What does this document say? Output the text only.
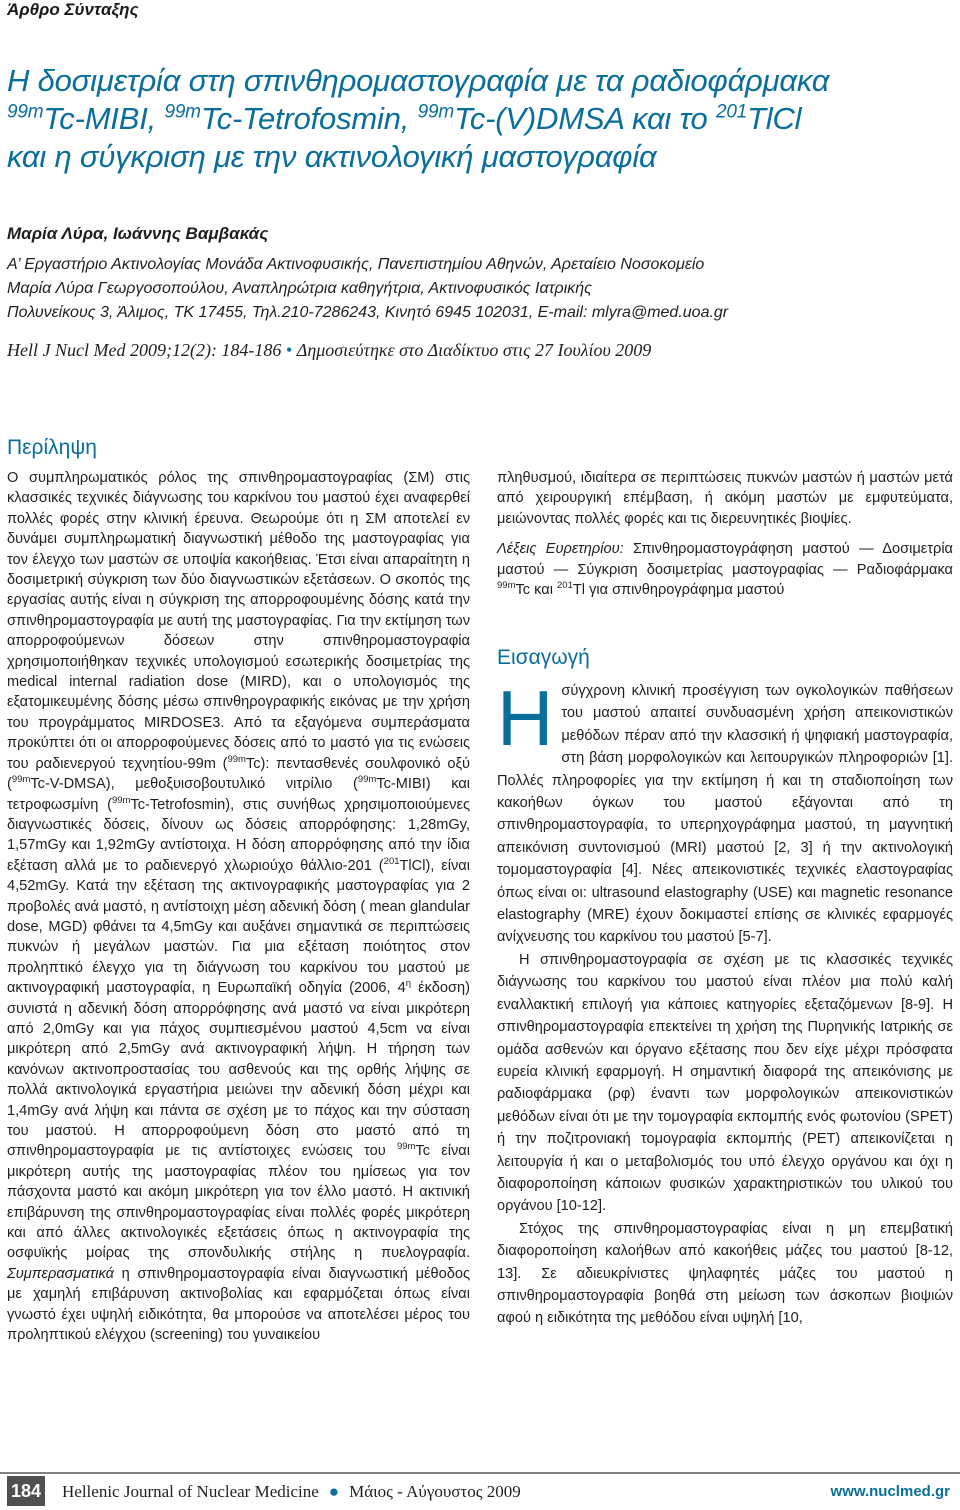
Άρθρο Σύνταξης
Η δοσιμετρία στη σπινθηρομαστογραφία με τα ραδιοφάρμακα
$^{99m}$Tc-MIBI, $^{99m}$Tc-Tetrofosmin, $^{99m}$Tc-(V)DMSA και το $^{201}$TlCl
και η σύγκριση με την ακτινολογική μαστογραφία
Μαρία Λύρα, Ιωάννης Βαμβακάς
Α’ Εργαστήριο Ακτινολογίας Μονάδα Ακτινοφυσικής, Πανεπιστημίου Αθηνών, Αρεταίειο Νοσοκομείο
Μαρία Λύρα Γεωργοσοπούλου, Αναπληρώτρια καθηγήτρια, Ακτινοφυσικός Ιατρικής
Πολυνείκους 3, Άλιμος, ΤΚ 17455, Τηλ.210-7286243, Κινητό 6945 102031, E-mail: mlyra@med.uoa.gr
Hell J Nucl Med 2009;12(2): 184-186 • Δημοσιεύτηκε στο Διαδίκτυο στις 27 Ιουλίου 2009
Περίληψη

Ο συμπληρωματικός ρόλος της σπινθηρομαστογραφίας (ΣΜ) στις κλασσικές τεχνικές διάγνωσης του καρκίνου του μαστού έχει αναφερθεί πολλές φορές στην κλινική έρευνα. Θεωρούμε ότι η ΣΜ αποτελεί εν δυνάμει συμπληρωματική διαγνωστική μέθοδο της μαστογραφίας για τον έλεγχο των μαστών σε υποψία κακοήθειας. Έτσι είναι απαραίτητη η δοσιμετρική σύγκριση των δύο διαγνωστικών εξετάσεων. Ο σκοπός της εργασίας αυτής είναι η σύγκριση της απορροφουμένης δόσης κατά την σπινθηρομαστογραφία με αυτή της μαστογραφίας. Για την εκτίμηση των απορροφούμενων δόσεων στην σπινθηρομαστογραφία χρησιμοποιήθηκαν τεχνικές υπολογισμού εσωτερικής δοσιμετρίας της medical internal radiation dose (MIRD), και ο υπολογισμός της εξατομικευμένης δόσης μέσω σπινθηρογραφικής εικόνας με την χρήση του προγράμματος MIRDOSE3. Από τα εξαγόμενα συμπεράσματα προκύπτει ότι οι απορροφούμενες δόσεις από το μαστό για τις ενώσεις του ραδιενεργού τεχνητίου-99m ($^{99m}$Tc): πεντασθενές σουλφονικό οξύ ($^{99m}$Tc-V-DMSA), μεθοξυισοβουτυλικό νιτρίλιο ($^{99m}$Tc-MIBI) και τετροφωσμίνη ($^{99m}$Tc-Tetrofosmin), στις συνήθως χρησιμοποιούμενες διαγνωστικές δόσεις, δίνουν ως δόσεις απορρόφησης: 1,28mGy, 1,57mGy και 1,92mGy αντίστοιχα. Η δόση απορρόφησης από την ίδια εξέταση αλλά με το ραδιενεργό χλωριούχο θάλλιο-201 ($^{201}$TlCl), είναι 4,52mGy. Κατά την εξέταση της ακτινογραφικής μαστογραφίας για 2 προβολές ανά μαστό, η αντίστοιχη μέση αδενική δόση ( mean glandular dose, MGD) φθάνει τα 4,5mGy και αυξάνει σημαντικά σε περιπτώσεις πυκνών ή μεγάλων μαστών. Για μια εξέταση ποιότητος στον προληπτικό έλεγχο για τη διάγνωση του καρκίνου του μαστού με ακτινογραφική μαστογραφία, η Ευρωπαϊκή οδηγία (2006, $4^\eta$ έκδοση) συνιστά η αδενική δόση απορρόφησης ανά μαστό να είναι μικρότερη από 2,0mGy και για πάχος συμπιεσμένου μαστού 4,5cm να είναι μικρότερη από 2,5mGy ανά ακτινογραφική λήψη. Η τήρηση των κανόνων ακτινοπροστασίας του ασθενούς και της ορθής λήψης σε πολλά ακτινολογικά εργαστήρια μειώνει την αδενική δόση μέχρι και 1,4mGy ανά λήψη και πάντα σε σχέση με το πάχος και την σύσταση του μαστού. Η απορροφούμενη δόση στο μαστό από τη σπινθηρομαστογραφία με τις αντίστοιχες ενώσεις του $^{99m}$Tc είναι μικρότερη αυτής της μαστογραφίας πλέον του ημίσεως για τον πάσχοντα μαστό και ακόμη μικρότερη για τον έλλο μαστό. Η ακτινική επιβάρυνση της σπινθηρομαστογραφίας είναι πολλές φορές μικρότερη και από άλλες ακτινολογικές εξετάσεις όπως η ακτινογραφία της οσφυϊκής μοίρας της σπονδυλικής στήλης η πυελογραφία. Συμπερασματικά η σπινθηρομαστογραφία είναι διαγνωστική μέθοδος με χαμηλή επιβάρυνση ακτινοβολίας και εφαρμόζεται όπως είναι γνωστό έχει υψηλή ειδικότητα, θα μπορούσε να αποτελέσει μέρος του προληπτικού ελέγχου (screening) του γυναικείου

πληθυσμού, ιδιαίτερα σε περιπτώσεις πυκνών μαστών ή μαστών μετά από χειρουργική επέμβαση, ή ακόμη μαστών με εμφυτεύματα, μειώνοντας πολλές φορές και τις διερευνητικές βιοψίες.

Λέξεις Ευρετηρίου: Σπινθηρομαστογράφηση μαστού — Δοσιμετρία μαστού — Σύγκριση δοσιμετρίας μαστογραφίας — Ραδιοφάρμακα $^{99m}$Tc και $^{201}$Tl για σπινθηρογράφημα μαστού

Εισαγωγή

Η σύγχρονη κλινική προσέγγιση των ογκολογικών παθήσεων του μαστού απαιτεί συνδυασμένη χρήση απεικονιστικών μεθόδων πέραν από την κλασσική ή ψηφιακή μαστογραφία, στη βάση μορφολογικών και λειτουργικών πληροφοριών [1]. Πολλές πληροφορίες για την εκτίμηση ή και τη σταδιοποίηση των κακοήθων όγκων του μαστού εξάγονται από τη σπινθηρομαστογραφία, το υπερηχογράφημα μαστού, τη μαγνητική απεικόνιση συντονισμού (MRI) μαστού [2, 3] ή την ακτινολογική τομομαστογραφία [4]. Νέες απεικονιστικές τεχνικές ελαστογραφίας όπως είναι οι: ultrasound elastography (USE) και magnetic resonance elastography (MRE) έχουν δοκιμαστεί επίσης σε κλινικές εφαρμογές ανίχνευσης του καρκίνου του μαστού [5-7].

Η σπινθηρομαστογραφία σε σχέση με τις κλασσικές τεχνικές διάγνωσης του καρκίνου του μαστού είναι πλέον μια πολύ καλή εναλλακτική επιλογή για κάποιες κατηγορίες εξεταζόμενων [8-9]. Η σπινθηρομαστογραφία επεκτείνει τη χρήση της Πυρηνικής Ιατρικής σε ομάδα ασθενών και όργανο εξέτασης που δεν είχε μέχρι πρόσφατα ευρεία κλινική εφαρμογή. Η σημαντική διαφορά της απεικόνισης με ραδιοφάρμακα (ρφ) έναντι των μορφολογικών απεικονιστικών μεθόδων είναι ότι με την τομογραφία εκπομπής ενός φωτονίου (SPET) ή την ποζιτρονιακή τομογραφία εκπομπής (PET) απεικονίζεται η λειτουργία ή και ο μεταβολισμός του υπό έλεγχο οργάνου και όχι η διαφοροποίηση κάποιων φυσικών χαρακτηριστικών του υλικού του οργάνου [10-12].

Στόχος της σπινθηρομαστογραφίας είναι η μη επεμβατική διαφοροποίηση καλοήθων από κακοήθεις μάζες του μαστού [8-12, 13]. Σε αδιευκρίνιστες ψηλαφητές μάζες του μαστού η σπινθηρομαστογραφία βοηθά στη μείωση των άσκοπων βιοψιών αφού η ειδικότητα της μεθόδου είναι υψηλή [10,

184 Hellenic Journal of Nuclear Medicine ● Μάιος - Αύγουστος 2009	www.nuclmed.gr
